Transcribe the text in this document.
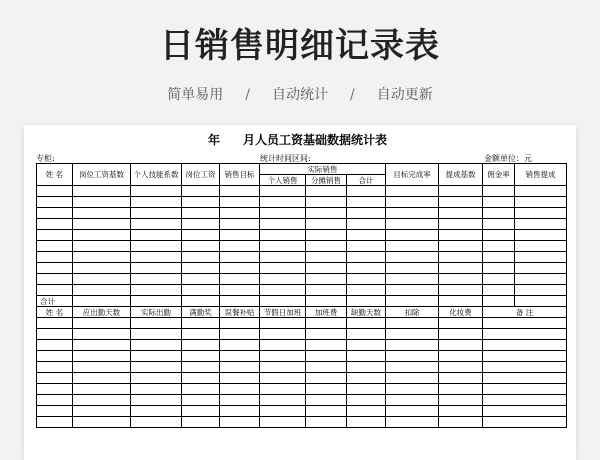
日销售明细记录表
简单易用 / 自动统计 / 自动更新
年 月人员工资基础数据统计表
专柜:	统计时间区间:	金额单位：元
姓 名	岗位工资基数	个人技能系数	岗位工资	销售目标	实际销售			目标完成率	提成基数	佣金率	销售提成
					个人销售	分摊销售	合计				

合计											
姓 名	应出勤天数	实际出勤	满勤奖	误餐补贴	节假日加班	加班费	缺勤天数	扣除	化妆费	备 注	
